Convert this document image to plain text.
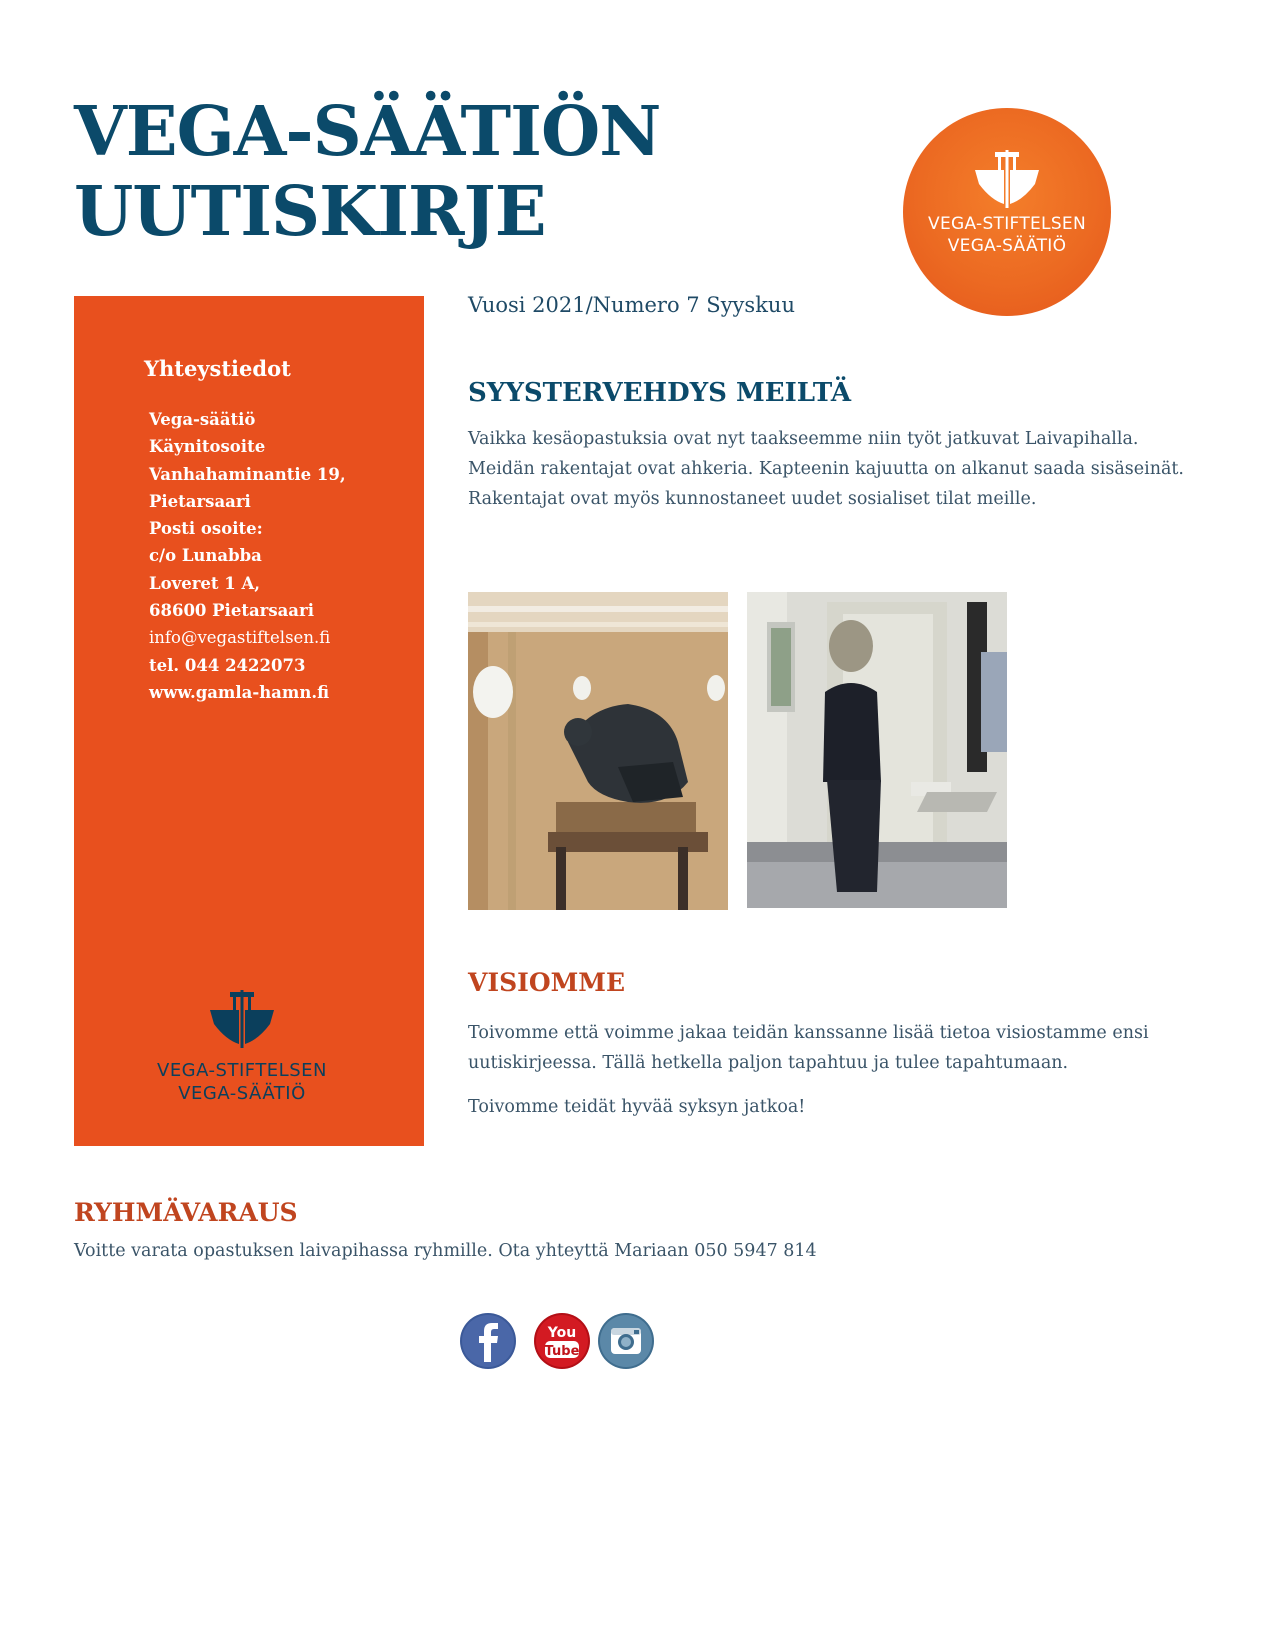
VEGA-SÄÄTIÖN
UUTISKIRJE	VEGA-STIFTELSEN
VEGA-SÄÄTIÖ
Yhteystiedot
Vega-säätiö
Käynitosoite
Vanhahaminantie 19,
Pietarsaari
Posti osoite:
c/o Lunabba
Loveret 1 A,
68600 Pietarsaari
info@vegastiftelsen.fi
tel. 044 2422073
www.gamla-hamn.fi
VEGA-STIFTELSEN
VEGA-SÄÄTIÖ

Vuosi 2021/Numero 7 Syyskuu

SYYSTERVEHDYS MEILTÄ

Vaikka kesäopastuksia ovat nyt taakseemme niin työt jatkuvat Laivapihalla. Meidän rakentajat ovat ahkeria. Kapteenin kajuutta on alkanut saada sisäseinät. Rakentajat ovat myös kunnostaneet uudet sosialiset tilat meille.

VISIOMME

Toivomme että voimme jakaa teidän kanssanne lisää tietoa visiostamme ensi uutiskirjeessa. Tällä hetkella paljon tapahtuu ja tulee tapahtumaan.

Toivomme teidät hyvää syksyn jatkoa!

RYHMÄVARAUS

Voitte varata opastuksen laivapihassa ryhmille. Ota yhteyttä Mariaan 050 5947 814

You
Tube
